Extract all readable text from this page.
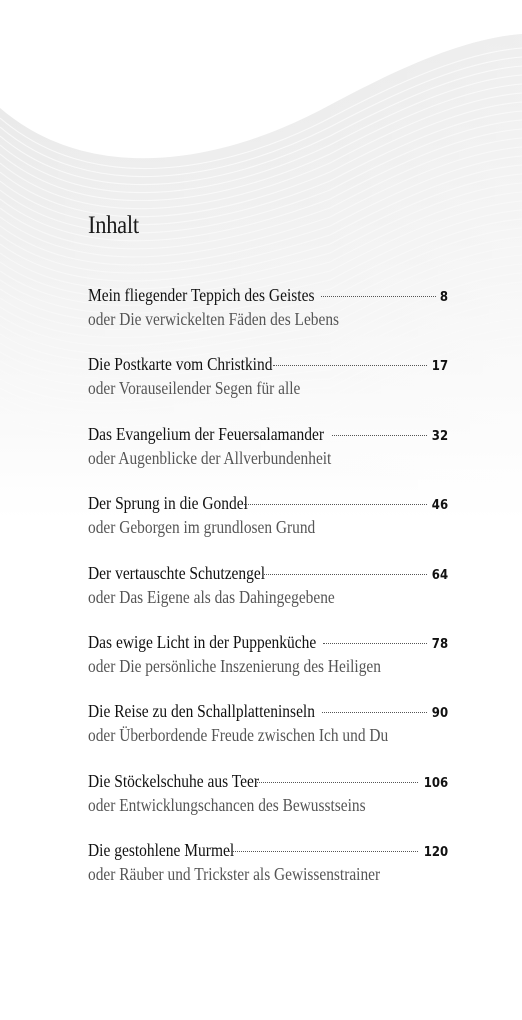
Inhalt
Mein fliegender Teppich des Geistes	8
oder Die verwickelten Fäden des Lebens
Die Postkarte vom Christkind	17
oder Vorauseilender Segen für alle
Das Evangelium der Feuersalamander	32
oder Augenblicke der Allverbundenheit
Der Sprung in die Gondel	46
oder Geborgen im grundlosen Grund
Der vertauschte Schutzengel	64
oder Das Eigene als das Dahingegebene
Das ewige Licht in der Puppenküche	78
oder Die persönliche Inszenierung des Heiligen
Die Reise zu den Schallplatteninseln	90
oder Überbordende Freude zwischen Ich und Du
Die Stöckelschuhe aus Teer	106
oder Entwicklungschancen des Bewusstseins
Die gestohlene Murmel	120
oder Räuber und Trickster als Gewissenstrainer
